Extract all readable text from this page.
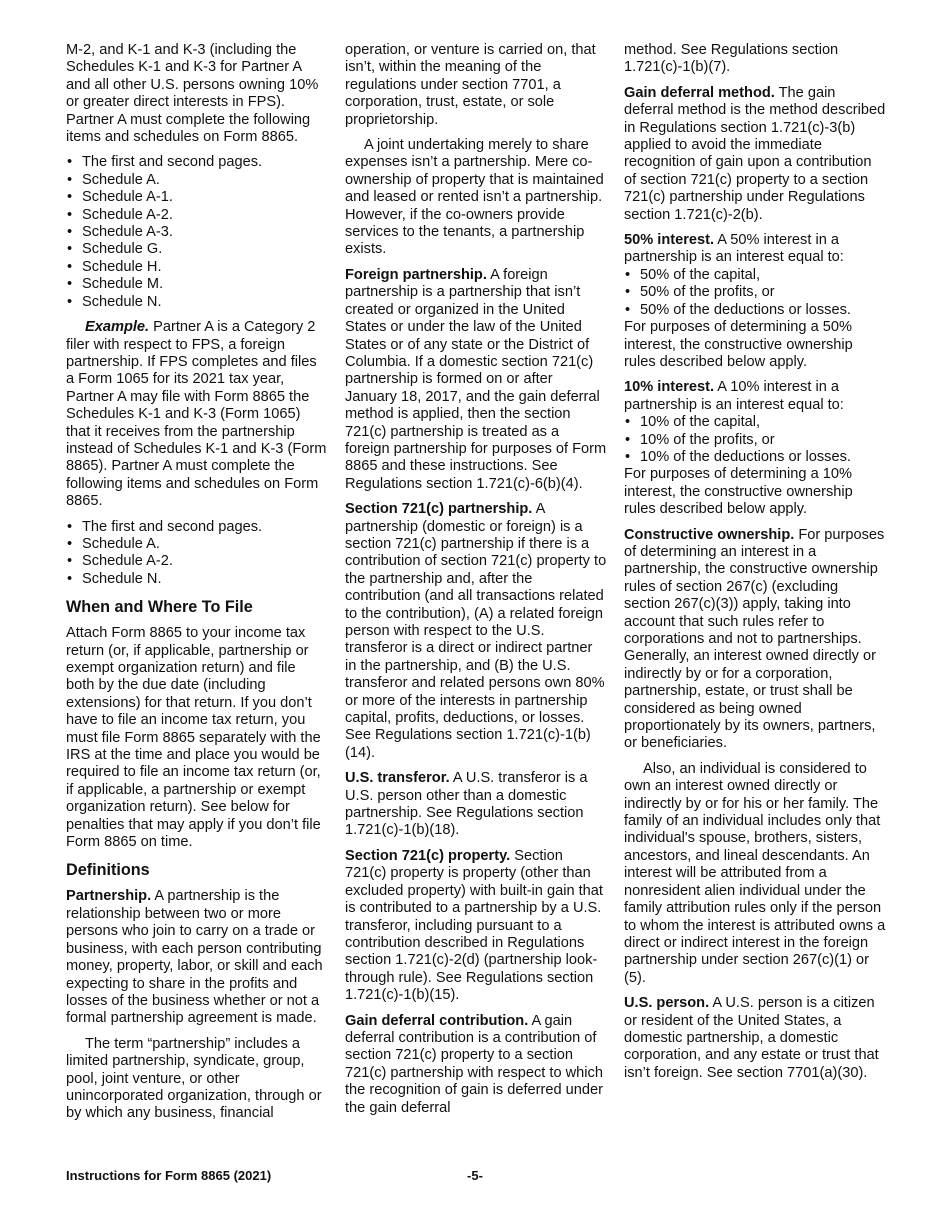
M-2, and K-1 and K-3 (including the Schedules K-1 and K-3 for Partner A and all other U.S. persons owning 10% or greater direct interests in FPS). Partner A must complete the following items and schedules on Form 8865.

• The first and second pages.
• Schedule A.
• Schedule A-1.
• Schedule A-2.
• Schedule A-3.
• Schedule G.
• Schedule H.
• Schedule M.
• Schedule N.

Example. Partner A is a Category 2 filer with respect to FPS, a foreign partnership. If FPS completes and files a Form 1065 for its 2021 tax year, Partner A may file with Form 8865 the Schedules K-1 and K-3 (Form 1065) that it receives from the partnership instead of Schedules K-1 and K-3 (Form 8865). Partner A must complete the following items and schedules on Form 8865.

• The first and second pages.
• Schedule A.
• Schedule A-2.
• Schedule N.
When and Where To File

Attach Form 8865 to your income tax return (or, if applicable, partnership or exempt organization return) and file both by the due date (including extensions) for that return. If you don’t have to file an income tax return, you must file Form 8865 separately with the IRS at the time and place you would be required to file an income tax return (or, if applicable, a partnership or exempt organization return). See below for penalties that may apply if you don’t file Form 8865 on time.

Definitions

Partnership. A partnership is the relationship between two or more persons who join to carry on a trade or business, with each person contributing money, property, labor, or skill and each expecting to share in the profits and losses of the business whether or not a formal partnership agreement is made.

The term “partnership” includes a limited partnership, syndicate, group, pool, joint venture, or other unincorporated organization, through or by which any business, financial

operation, or venture is carried on, that isn’t, within the meaning of the regulations under section 7701, a corporation, trust, estate, or sole proprietorship.

A joint undertaking merely to share expenses isn’t a partnership. Mere co-ownership of property that is maintained and leased or rented isn’t a partnership. However, if the co-owners provide services to the tenants, a partnership exists.

Foreign partnership. A foreign partnership is a partnership that isn’t created or organized in the United States or under the law of the United States or of any state or the District of Columbia. If a domestic section 721(c) partnership is formed on or after January 18, 2017, and the gain deferral method is applied, then the section 721(c) partnership is treated as a foreign partnership for purposes of Form 8865 and these instructions. See Regulations section 1.721(c)-6(b)(4).

Section 721(c) partnership. A partnership (domestic or foreign) is a section 721(c) partnership if there is a contribution of section 721(c) property to the partnership and, after the contribution (and all transactions related to the contribution), (A) a related foreign person with respect to the U.S. transferor is a direct or indirect partner in the partnership, and (B) the U.S. transferor and related persons own 80% or more of the interests in partnership capital, profits, deductions, or losses. See Regulations section 1.721(c)-1(b)(14).

U.S. transferor. A U.S. transferor is a U.S. person other than a domestic partnership. See Regulations section 1.721(c)-1(b)(18).

Section 721(c) property. Section 721(c) property is property (other than excluded property) with built-in gain that is contributed to a partnership by a U.S. transferor, including pursuant to a contribution described in Regulations section 1.721(c)-2(d) (partnership look-through rule). See Regulations section 1.721(c)-1(b)(15).

Gain deferral contribution. A gain deferral contribution is a contribution of section 721(c) property to a section 721(c) partnership with respect to which the recognition of gain is deferred under the gain deferral

method. See Regulations section 1.721(c)-1(b)(7).

Gain deferral method. The gain deferral method is the method described in Regulations section 1.721(c)-3(b) applied to avoid the immediate recognition of gain upon a contribution of section 721(c) property to a section 721(c) partnership under Regulations section 1.721(c)-2(b).

50% interest. A 50% interest in a partnership is an interest equal to:
• 50% of the capital,
• 50% of the profits, or
• 50% of the deductions or losses.

For purposes of determining a 50% interest, the constructive ownership rules described below apply.

10% interest. A 10% interest in a partnership is an interest equal to:
• 10% of the capital,
• 10% of the profits, or
• 10% of the deductions or losses.

For purposes of determining a 10% interest, the constructive ownership rules described below apply.

Constructive ownership. For purposes of determining an interest in a partnership, the constructive ownership rules of section 267(c) (excluding section 267(c)(3)) apply, taking into account that such rules refer to corporations and not to partnerships. Generally, an interest owned directly or indirectly by or for a corporation, partnership, estate, or trust shall be considered as being owned proportionately by its owners, partners, or beneficiaries.

Also, an individual is considered to own an interest owned directly or indirectly by or for his or her family. The family of an individual includes only that individual's spouse, brothers, sisters, ancestors, and lineal descendants. An interest will be attributed from a nonresident alien individual under the family attribution rules only if the person to whom the interest is attributed owns a direct or indirect interest in the foreign partnership under section 267(c)(1) or (5).

U.S. person. A U.S. person is a citizen or resident of the United States, a domestic partnership, a domestic corporation, and any estate or trust that isn’t foreign. See section 7701(a)(30).

Instructions for Form 8865 (2021)	-5-
